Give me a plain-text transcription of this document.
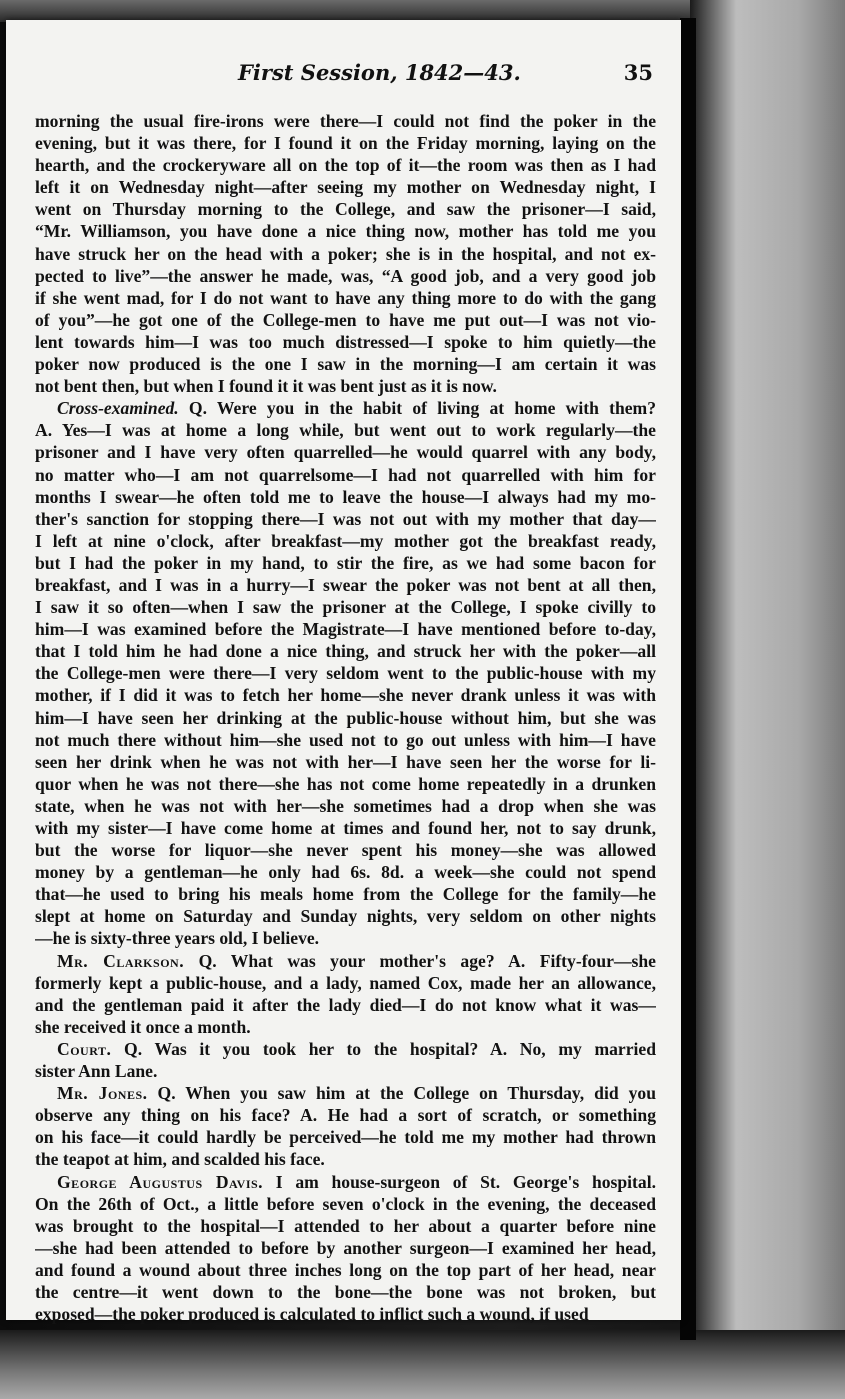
First Session, 1842—43.	35
morning the usual fire-irons were there—I could not find the poker in the
evening, but it was there, for I found it on the Friday morning, laying on the
hearth, and the crockeryware all on the top of it—the room was then as I had
left it on Wednesday night—after seeing my mother on Wednesday night, I
went on Thursday morning to the College, and saw the prisoner—I said,
“Mr. Williamson, you have done a nice thing now, mother has told me you
have struck her on the head with a poker; she is in the hospital, and not ex-
pected to live”—the answer he made, was, “A good job, and a very good job
if she went mad, for I do not want to have any thing more to do with the gang
of you”—he got one of the College-men to have me put out—I was not vio-
lent towards him—I was too much distressed—I spoke to him quietly—the
poker now produced is the one I saw in the morning—I am certain it was
not bent then, but when I found it it was bent just as it is now.
Cross-examined. Q. Were you in the habit of living at home with them?
A. Yes—I was at home a long while, but went out to work regularly—the
prisoner and I have very often quarrelled—he would quarrel with any body,
no matter who—I am not quarrelsome—I had not quarrelled with him for
months I swear—he often told me to leave the house—I always had my mo-
ther's sanction for stopping there—I was not out with my mother that day—
I left at nine o'clock, after breakfast—my mother got the breakfast ready,
but I had the poker in my hand, to stir the fire, as we had some bacon for
breakfast, and I was in a hurry—I swear the poker was not bent at all then,
I saw it so often—when I saw the prisoner at the College, I spoke civilly to
him—I was examined before the Magistrate—I have mentioned before to-day,
that I told him he had done a nice thing, and struck her with the poker—all
the College-men were there—I very seldom went to the public-house with my
mother, if I did it was to fetch her home—she never drank unless it was with
him—I have seen her drinking at the public-house without him, but she was
not much there without him—she used not to go out unless with him—I have
seen her drink when he was not with her—I have seen her the worse for li-
quor when he was not there—she has not come home repeatedly in a drunken
state, when he was not with her—she sometimes had a drop when she was
with my sister—I have come home at times and found her, not to say drunk,
but the worse for liquor—she never spent his money—she was allowed
money by a gentleman—he only had 6s. 8d. a week—she could not spend
that—he used to bring his meals home from the College for the family—he
slept at home on Saturday and Sunday nights, very seldom on other nights
—he is sixty-three years old, I believe.
Mr. Clarkson. Q. What was your mother's age? A. Fifty-four—she
formerly kept a public-house, and a lady, named Cox, made her an allowance,
and the gentleman paid it after the lady died—I do not know what it was—
she received it once a month.
Court. Q. Was it you took her to the hospital? A. No, my married
sister Ann Lane.
Mr. Jones. Q. When you saw him at the College on Thursday, did you
observe any thing on his face? A. He had a sort of scratch, or something
on his face—it could hardly be perceived—he told me my mother had thrown
the teapot at him, and scalded his face.
George Augustus Davis. I am house-surgeon of St. George's hospital.
On the 26th of Oct., a little before seven o'clock in the evening, the deceased
was brought to the hospital—I attended to her about a quarter before nine
—she had been attended to before by another surgeon—I examined her head,
and found a wound about three inches long on the top part of her head, near
the centre—it went down to the bone—the bone was not broken, but
exposed—the poker produced is calculated to inflict such a wound, if used
